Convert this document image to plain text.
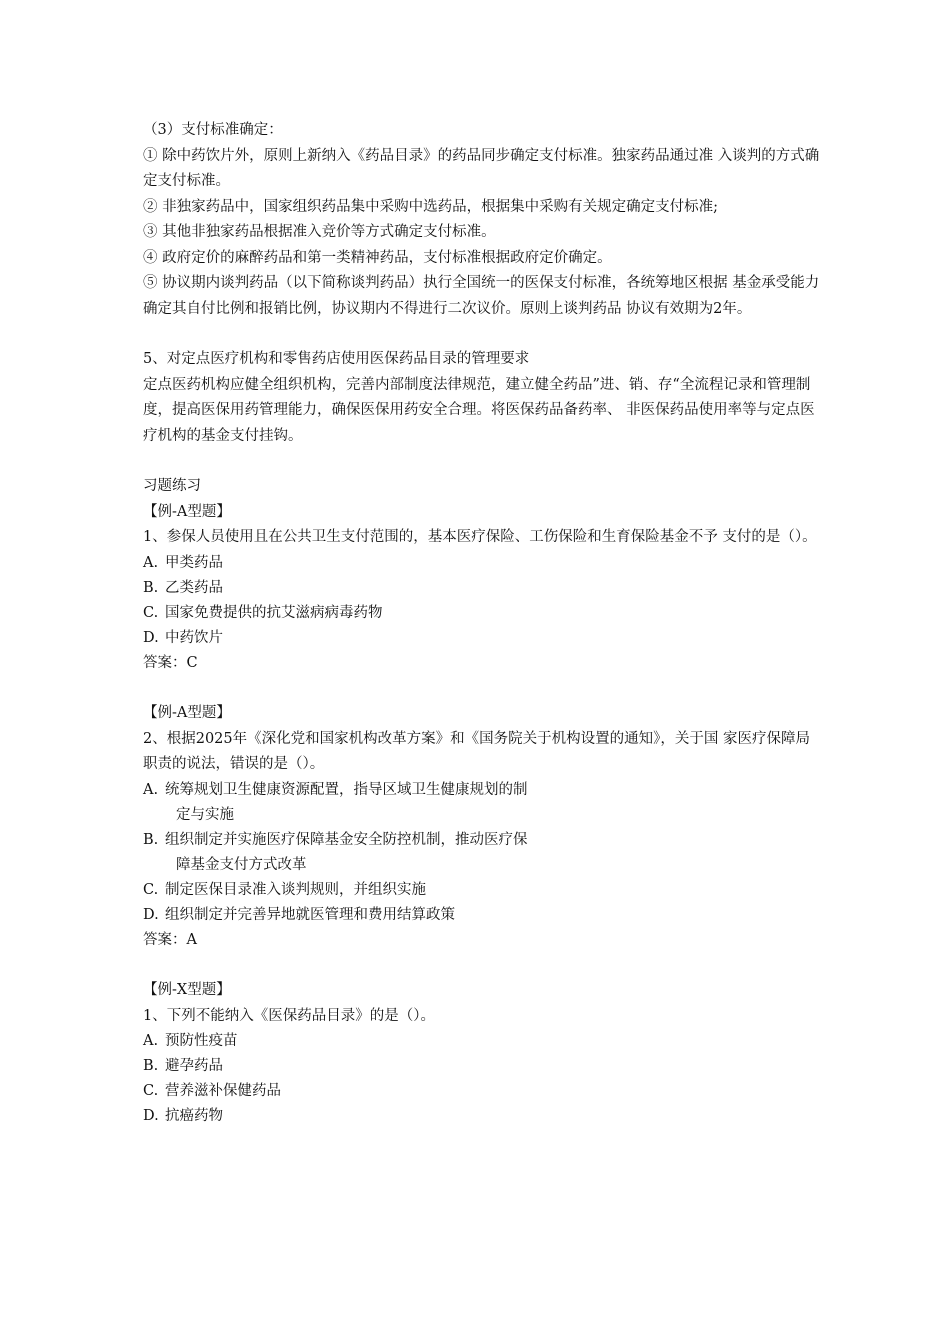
（3）支付标准确定：

① 除中药饮片外，原则上新纳入《药品目录》的药品同步确定支付标准。独家药品通过准 入谈判的方式确定支付标准。

② 非独家药品中，国家组织药品集中采购中选药品，根据集中采购有关规定确定支付标准;

③ 其他非独家药品根据准入竞价等方式确定支付标准。

④ 政府定价的麻醉药品和第一类精神药品，支付标准根据政府定价确定。

⑤ 协议期内谈判药品（以下简称谈判药品）执行全国统一的医保支付标准，各统筹地区根据 基金承受能力确定其自付比例和报销比例，协议期内不得进行二次议价。原则上谈判药品 协议有效期为2年。

5、对定点医疗机构和零售药店使用医保药品目录的管理要求

定点医药机构应健全组织机构，完善内部制度法律规范，建立健全药品”进、销、存“全流程记录和管理制度，提高医保用药管理能力，确保医保用药安全合理。将医保药品备药率、 非医保药品使用率等与定点医疗机构的基金支付挂钩。

习题练习

【例-A型题】

1、参保人员使用且在公共卫生支付范围的，基本医疗保险、工伤保险和生育保险基金不予 支付的是（）。

A. 甲类药品

B. 乙类药品

C. 国家免费提供的抗艾滋病病毒药物

D. 中药饮片

答案：C

【例-A型题】

2、根据2025年《深化党和国家机构改革方案》和《国务院关于机构设置的通知》，关于国 家医疗保障局职责的说法，错误的是（）。

A. 统筹规划卫生健康资源配置，指导区域卫生健康规划的制

定与实施

B. 组织制定并实施医疗保障基金安全防控机制，推动医疗保

障基金支付方式改革

C. 制定医保目录准入谈判规则，并组织实施

D. 组织制定并完善异地就医管理和费用结算政策

答案：A

【例-X型题】

1、下列不能纳入《医保药品目录》的是（）。

A. 预防性疫苗

B. 避孕药品

C. 营养滋补保健药品

D. 抗癌药物
